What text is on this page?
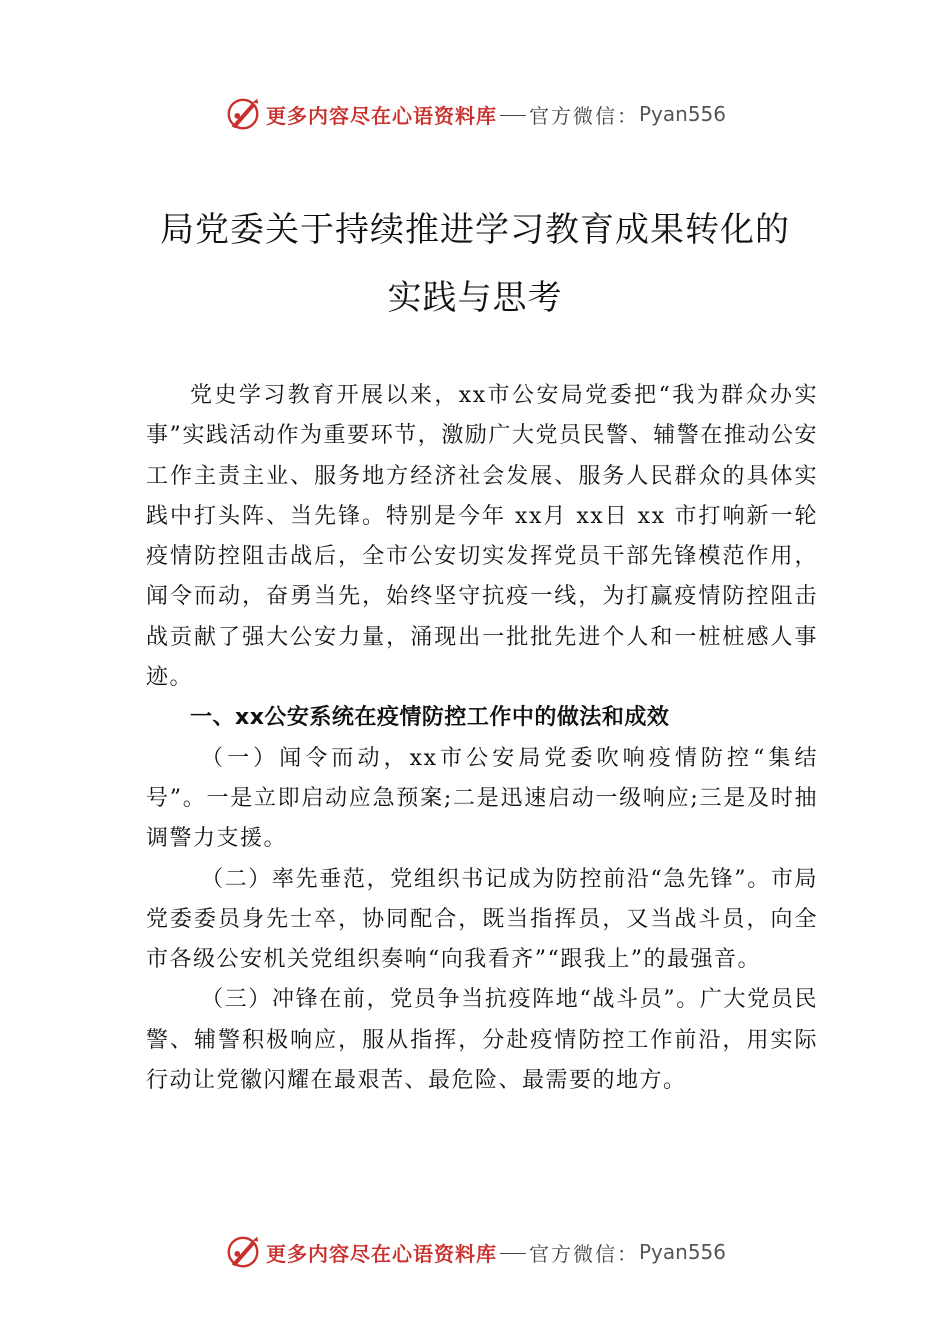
更多内容尽在心语资料库 官方微信： Pyan556
局党委关于持续推进学习教育成果转化的
实践与思考

党史学习教育开展以来，xx市公安局党委把“我为群众办实事”实践活动作为重要环节，激励广大党员民警、辅警在推动公安工作主责主业、服务地方经济社会发展、服务人民群众的具体实践中打头阵、当先锋。特别是今年 xx月 xx日 xx 市打响新一轮疫情防控阻击战后，全市公安切实发挥党员干部先锋模范作用，闻令而动，奋勇当先，始终坚守抗疫一线，为打赢疫情防控阻击战贡献了强大公安力量，涌现出一批批先进个人和一桩桩感人事迹。

一、xx公安系统在疫情防控工作中的做法和成效

（一）闻令而动，xx市公安局党委吹响疫情防控“集结号”。一是立即启动应急预案;二是迅速启动一级响应;三是及时抽调警力支援。

（二）率先垂范，党组织书记成为防控前沿“急先锋”。市局党委委员身先士卒，协同配合，既当指挥员，又当战斗员，向全市各级公安机关党组织奏响“向我看齐”“跟我上”的最强音。

（三）冲锋在前，党员争当抗疫阵地“战斗员”。广大党员民警、辅警积极响应，服从指挥，分赴疫情防控工作前沿，用实际行动让党徽闪耀在最艰苦、最危险、最需要的地方。

更多内容尽在心语资料库 官方微信： Pyan556
